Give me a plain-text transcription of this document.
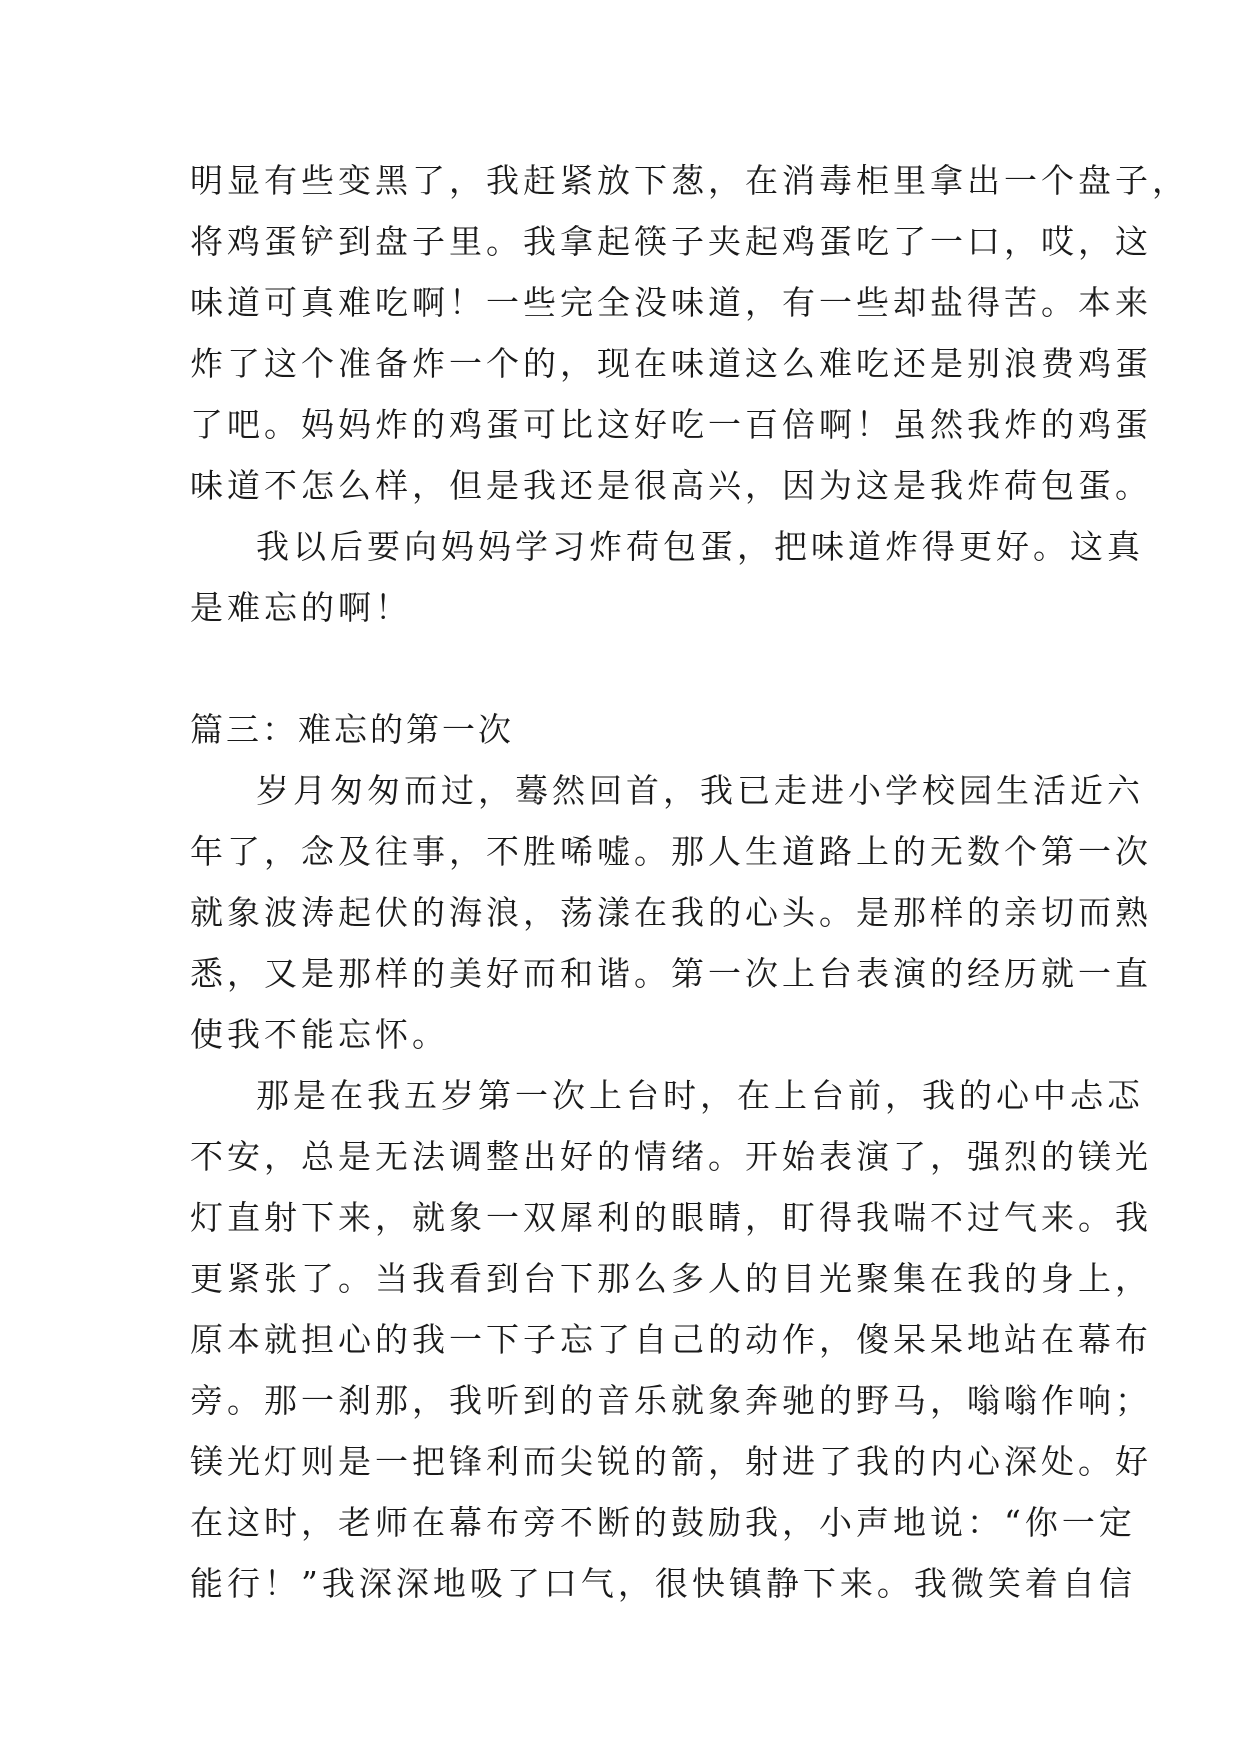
明显有些变黑了，我赶紧放下葱，在消毒柜里拿出一个盘子，
将鸡蛋铲到盘子里。我拿起筷子夹起鸡蛋吃了一口，哎，这
味道可真难吃啊！一些完全没味道，有一些却盐得苦。本来
炸了这个准备炸一个的，现在味道这么难吃还是别浪费鸡蛋
了吧。妈妈炸的鸡蛋可比这好吃一百倍啊！虽然我炸的鸡蛋
味道不怎么样，但是我还是很高兴，因为这是我炸荷包蛋。
我以后要向妈妈学习炸荷包蛋，把味道炸得更好。这真
是难忘的啊！
篇三：难忘的第一次
岁月匆匆而过，蓦然回首，我已走进小学校园生活近六
年了，念及往事，不胜唏嘘。那人生道路上的无数个第一次
就象波涛起伏的海浪，荡漾在我的心头。是那样的亲切而熟
悉，又是那样的美好而和谐。第一次上台表演的经历就一直
使我不能忘怀。
那是在我五岁第一次上台时，在上台前，我的心中忐忑
不安，总是无法调整出好的情绪。开始表演了，强烈的镁光
灯直射下来，就象一双犀利的眼睛，盯得我喘不过气来。我
更紧张了。当我看到台下那么多人的目光聚集在我的身上，
原本就担心的我一下子忘了自己的动作，傻呆呆地站在幕布
旁。那一刹那，我听到的音乐就象奔驰的野马，嗡嗡作响；
镁光灯则是一把锋利而尖锐的箭，射进了我的内心深处。好
在这时，老师在幕布旁不断的鼓励我，小声地说：“你一定
能行！”我深深地吸了口气，很快镇静下来。我微笑着自信
